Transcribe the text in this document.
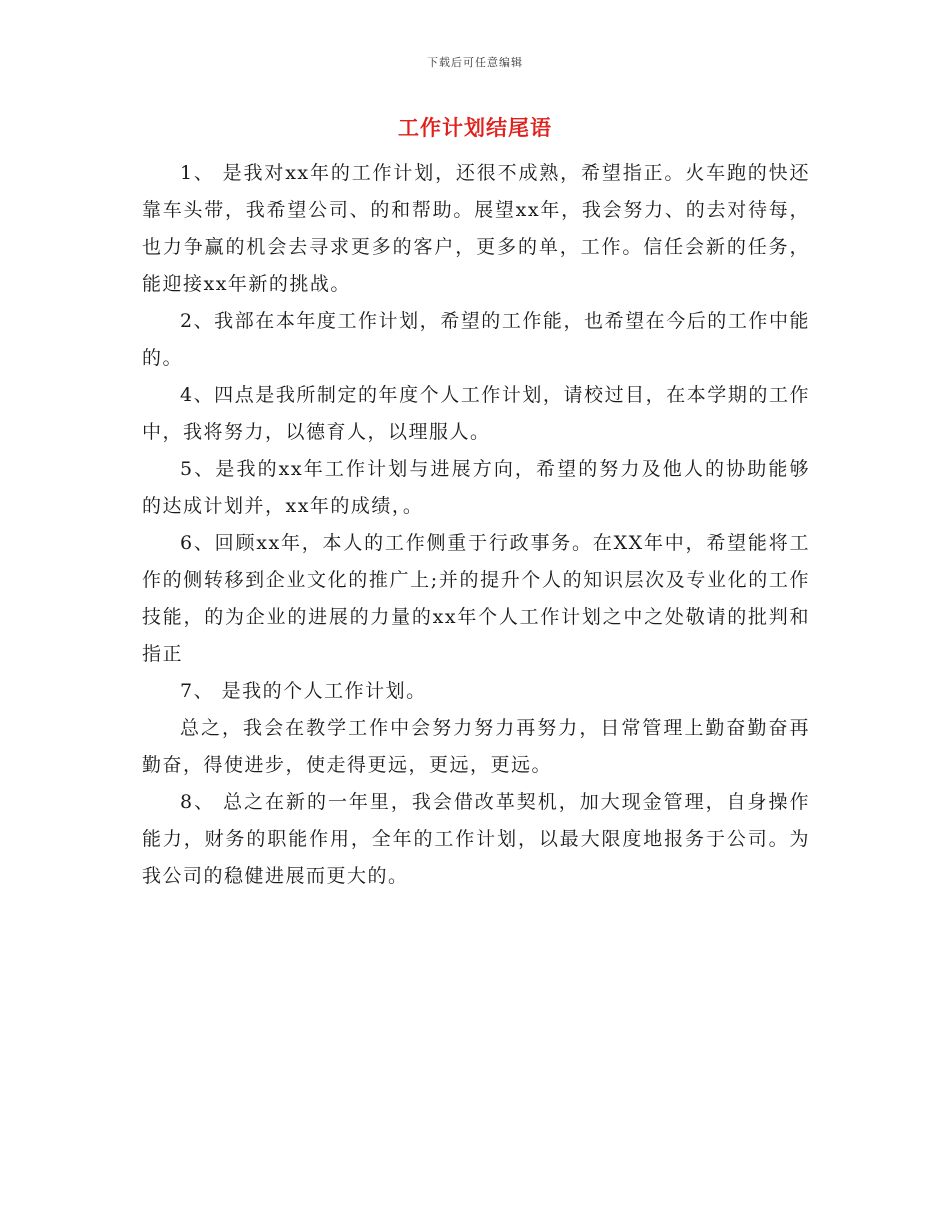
下载后可任意编辑
工作计划结尾语

1、 是我对xx年的工作计划，还很不成熟，希望指正。火车跑的快还靠车头带，我希望公司、的和帮助。展望xx年，我会努力、的去对待每，也力争赢的机会去寻求更多的客户，更多的单，工作。信任会新的任务，能迎接xx年新的挑战。

2、我部在本年度工作计划，希望的工作能，也希望在今后的工作中能的。

4、四点是我所制定的年度个人工作计划，请校过目，在本学期的工作中，我将努力，以德育人，以理服人。

5、是我的xx年工作计划与进展方向，希望的努力及他人的协助能够的达成计划并，xx年的成绩，。

6、回顾xx年，本人的工作侧重于行政事务。在XX年中，希望能将工作的侧转移到企业文化的推广上;并的提升个人的知识层次及专业化的工作技能，的为企业的进展的力量的xx年个人工作计划之中之处敬请的批判和指正

7、 是我的个人工作计划。

总之，我会在教学工作中会努力努力再努力，日常管理上勤奋勤奋再勤奋，得使进步，使走得更远，更远，更远。

8、 总之在新的一年里，我会借改革契机，加大现金管理，自身操作能力，财务的职能作用，全年的工作计划，以最大限度地报务于公司。为我公司的稳健进展而更大的。
